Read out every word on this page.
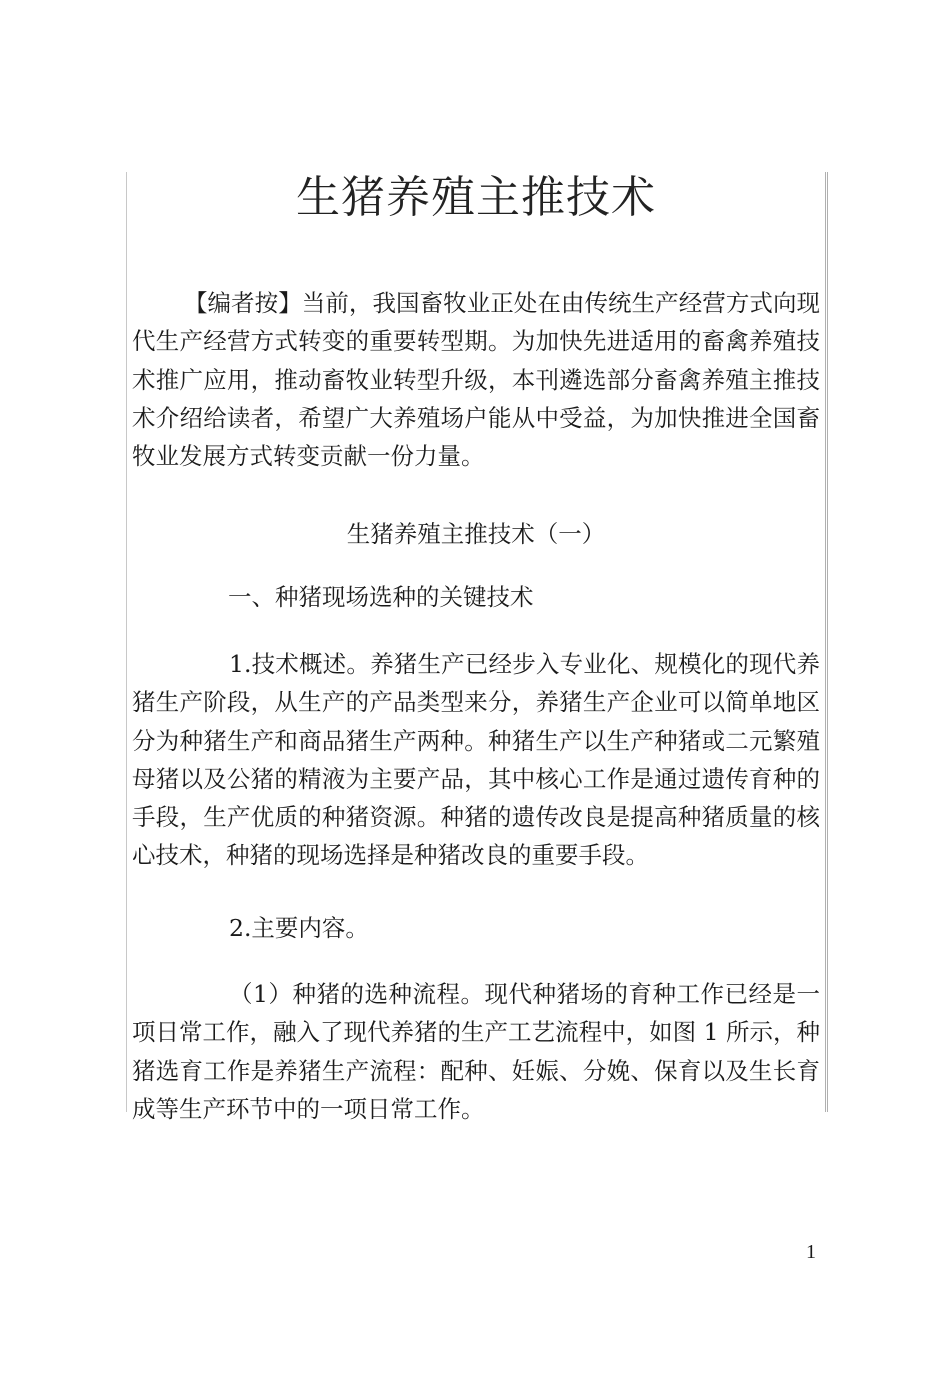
生猪养殖主推技术

【编者按】当前，我国畜牧业正处在由传统生产经营方式向现代生产经营方式转变的重要转型期。为加快先进适用的畜禽养殖技术推广应用，推动畜牧业转型升级，本刊遴选部分畜禽养殖主推技术介绍给读者，希望广大养殖场户能从中受益，为加快推进全国畜牧业发展方式转变贡献一份力量。

生猪养殖主推技术（一）
一、种猪现场选种的关键技术

1.技术概述。养猪生产已经步入专业化、规模化的现代养猪生产阶段，从生产的产品类型来分，养猪生产企业可以简单地区分为种猪生产和商品猪生产两种。种猪生产以生产种猪或二元繁殖母猪以及公猪的精液为主要产品，其中核心工作是通过遗传育种的手段，生产优质的种猪资源。种猪的遗传改良是提高种猪质量的核心技术，种猪的现场选择是种猪改良的重要手段。

2.主要内容。

（1）种猪的选种流程。现代种猪场的育种工作已经是一项日常工作，融入了现代养猪的生产工艺流程中，如图 1 所示，种猪选育工作是养猪生产流程：配种、妊娠、分娩、保育以及生长育成等生产环节中的一项日常工作。

1
